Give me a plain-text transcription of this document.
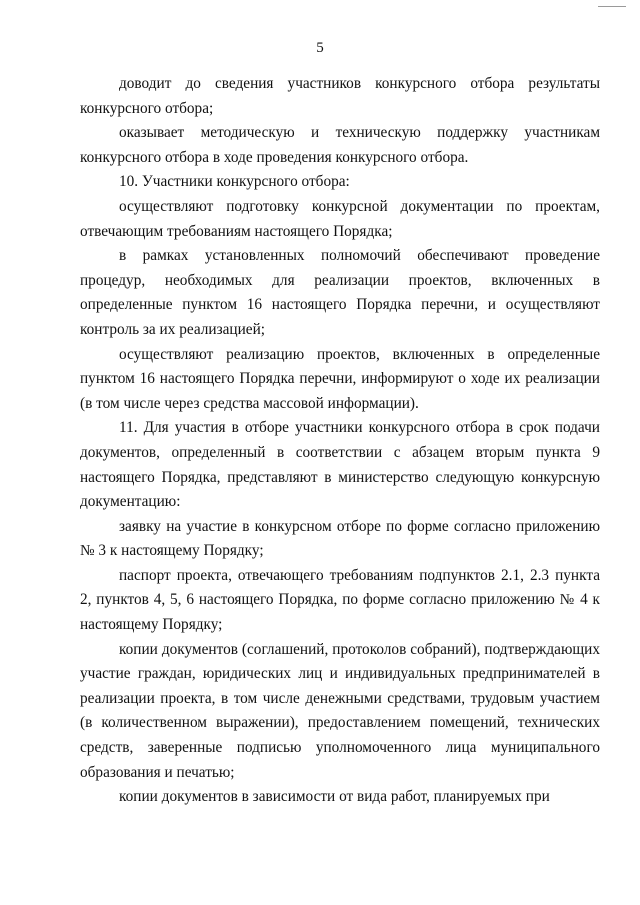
5

доводит до сведения участников конкурсного отбора результаты конкурсного отбора;

оказывает методическую и техническую поддержку участникам конкурсного отбора в ходе проведения конкурсного отбора.

10. Участники конкурсного отбора:

осуществляют подготовку конкурсной документации по проектам, отвечающим требованиям настоящего Порядка;

в рамках установленных полномочий обеспечивают проведение процедур, необходимых для реализации проектов, включенных в определенные пунктом 16 настоящего Порядка перечни, и осуществляют контроль за их реализацией;

осуществляют реализацию проектов, включенных в определенные пунктом 16 настоящего Порядка перечни, информируют о ходе их реализации (в том числе через средства массовой информации).

11. Для участия в отборе участники конкурсного отбора в срок подачи документов, определенный в соответствии с абзацем вторым пункта 9 настоящего Порядка, представляют в министерство следующую конкурсную документацию:

заявку на участие в конкурсном отборе по форме согласно приложению № 3 к настоящему Порядку;

паспорт проекта, отвечающего требованиям подпунктов 2.1, 2.3 пункта 2, пунктов 4, 5, 6 настоящего Порядка, по форме согласно приложению № 4 к настоящему Порядку;

копии документов (соглашений, протоколов собраний), подтверждающих участие граждан, юридических лиц и индивидуальных предпринимателей в реализации проекта, в том числе денежными средствами, трудовым участием (в количественном выражении), предоставлением помещений, технических средств, заверенные подписью уполномоченного лица муниципального образования и печатью;

копии документов в зависимости от вида работ, планируемых при
